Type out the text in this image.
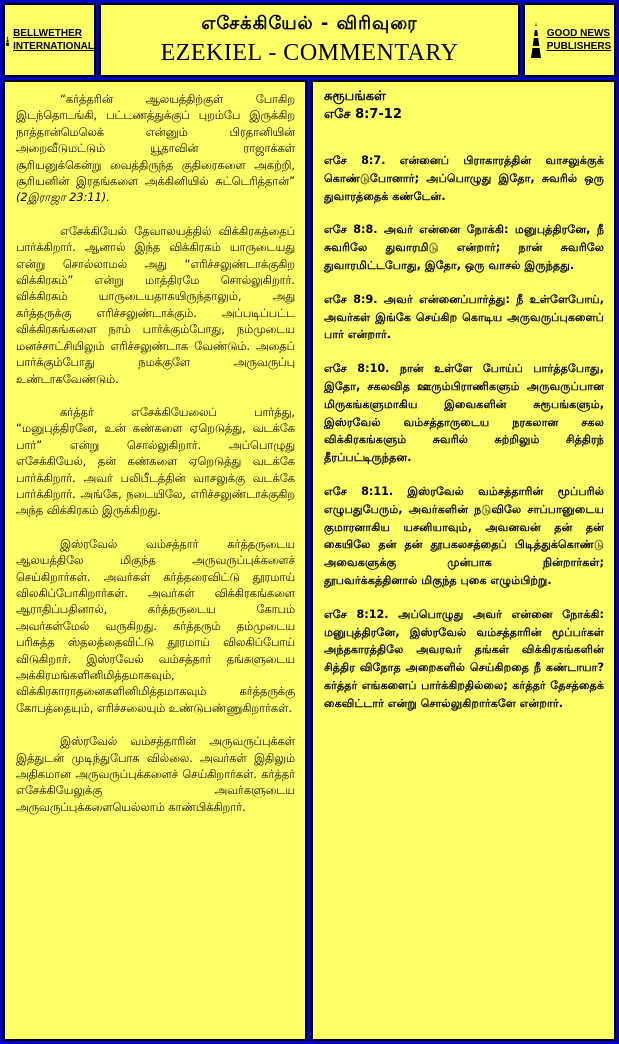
BELLWETHER
INTERNATIONAL
எசேக்கியேல் - விரிவுரை
EZEKIEL - COMMENTARY
GOOD NEWS
PUBLISHERS

“கர்த்தரின் ஆலயத்திற்குள் போகிற இடந்தொடங்கி, பட்டணத்துக்குப் புறம்பே இருக்கிற நாத்தான்மெலெக் என்னும் பிரதானியின் அறைவீடுமட்டும் யூதாவின் ராஜாக்கள் சூரியனுக்கென்று வைத்திருந்த குதிரைகளை அகற்றி, சூரியனின் இரதங்களை அக்கினியில் சுட்டெரித்தான்” (2இராஜா 23:11).

எசேக்கியேல் தேவாலயத்தில் விக்கிரகத்தைப் பார்க்கிறார். ஆனால் இந்த விக்கிரகம் யாருடையது என்று சொல்லாமல் அது “எரிச்சலுண்டாக்குகிற விக்கிரகம்” என்று மாத்திரமே சொல்லுகிறார். விக்கிரகம் யாருடையதாகயிருந்தாலும், அது கர்த்தருக்கு எரிச்சலுண்டாக்கும். அப்படிப்பட்ட விக்கிரகங்களை நாம் பார்க்கும்போது, நம்முடைய மனச்சாட்சியிலும் எரிச்சலுண்டாக வேண்டும். அதைப் பார்க்கும்போது நமக்குளே அருவருப்பு உண்டாகவேண்டும்.

கர்த்தர் எசேக்கியேலைப் பார்த்து, “மனுபுத்திரனே, உன் கண்களை ஏறெடுத்து, வடக்கே பார்” என்று சொல்லுகிறார். அப்பொழுது எசேக்கியேல், தன் கண்களை ஏறெடுத்து வடக்கே பார்க்கிறார். அவர் பலிபீடத்தின் வாசலுக்கு வடக்கே பார்க்கிறார். அங்கே, நடையிலே, எரிச்சலுண்டாக்குகிற அந்த விக்கிரகம் இருக்கிறது.

இஸ்ரவேல் வம்சத்தார் கர்த்தருடைய ஆலயத்திலே மிகுந்த அருவருப்புக்களைச் செய்கிறார்கள். அவர்கள் கர்த்தரைவிட்டு தூரமாய் விலகிப்போகிறார்கள். அவர்கள் விக்கிரகங்களை ஆராதிப்பதினால், கர்த்தருடைய கோபம் அவர்கள்மேல் வருகிறது. கர்த்தரும் தம்முடைய பரிசுத்த ஸ்தலத்தைவிட்டு தூரமாய் விலகிப்போய் விடுகிறார். இஸ்ரவேல் வம்சத்தார் தங்களுடைய அக்கிரமங்களினிமித்தமாகவும், விக்கிரகாராதனைகளினிமித்தமாகவும் கர்த்தருக்கு கோபத்தையும், எரிச்சலையும் உண்டுபண்ணுகிறார்கள்.

இஸ்ரவேல் வம்சத்தாரின் அருவருப்புக்கள் இத்துடன் முடிந்துபோக வில்லை. அவர்கள் இதிலும் அதிகமான அருவருப்புக்களைச் செய்கிறார்கள். கர்த்தர் எசேக்கியேலுக்கு அவர்களுடைய அருவருப்புக்களையெல்லாம் காண்பிக்கிறார்.

சுரூபங்கள்
எசே 8:7-12

எசே 8:7. என்னைப் பிராகாரத்தின் வாசலுக்குக் கொண்டுபோனார்; அப்பொழுது இதோ, சுவரில் ஒரு துவாரத்தைக் கண்டேன்.

எசே 8:8. அவர் என்னை நோக்கி: மனுபுத்திரனே, நீ சுவரிலே துவாரமிடு என்றார்; நான் சுவரிலே துவாரமிட்டபோது, இதோ, ஒரு வாசல் இருந்தது.

எசே 8:9. அவர் என்னைப்பார்த்து: நீ உள்ளேபோய், அவர்கள் இங்கே செய்கிற கொடிய அருவருப்புகளைப் பார் என்றார்.

எசே 8:10. நான் உள்ளே போய்ப் பார்த்தபோது, இதோ, சகலவித ஊரும்பிராணிகளும் அருவருப்பான மிருகங்களுமாகிய இவைகளின் சுரூபங்களும், இஸ்ரவேல் வம்சத்தாருடைய நரகலான சகல விக்கிரகங்களும் சுவரில் சுற்றிலும் சித்திரந் தீரப்பட்டிருந்தன.

எசே 8:11. இஸ்ரவேல் வம்சத்தாரின் மூப்பரில் எழுபதுபேரும், அவர்களின் நடுவிலே சாப்பானுடைய குமாரனாகிய யசனியாவும், அவனவன் தன் தன் கையிலே தன் தன் தூபகலசத்தைப் பிடித்துக்கொண்டு அவைகளுக்கு முன்பாக நின்றார்கள்; தூபவர்க்கத்தினால் மிகுந்த புகை எழும்பிற்று.

எசே 8:12. அப்பொழுது அவர் என்னை நோக்கி: மனுபுத்திரனே, இஸ்ரவேல் வம்சத்தாரின் மூப்பர்கள் அந்தகாரத்திலே அவரவர் தங்கள் விக்கிரகங்களின் சித்திர விநோத அறைகளில் செய்கிறதை நீ கண்டாயா? கர்த்தர் எங்களைப் பார்க்கிறதில்லை; கர்த்தர் தேசத்தைக் கைவிட்டார் என்று சொல்லுகிறார்களே என்றார்.
